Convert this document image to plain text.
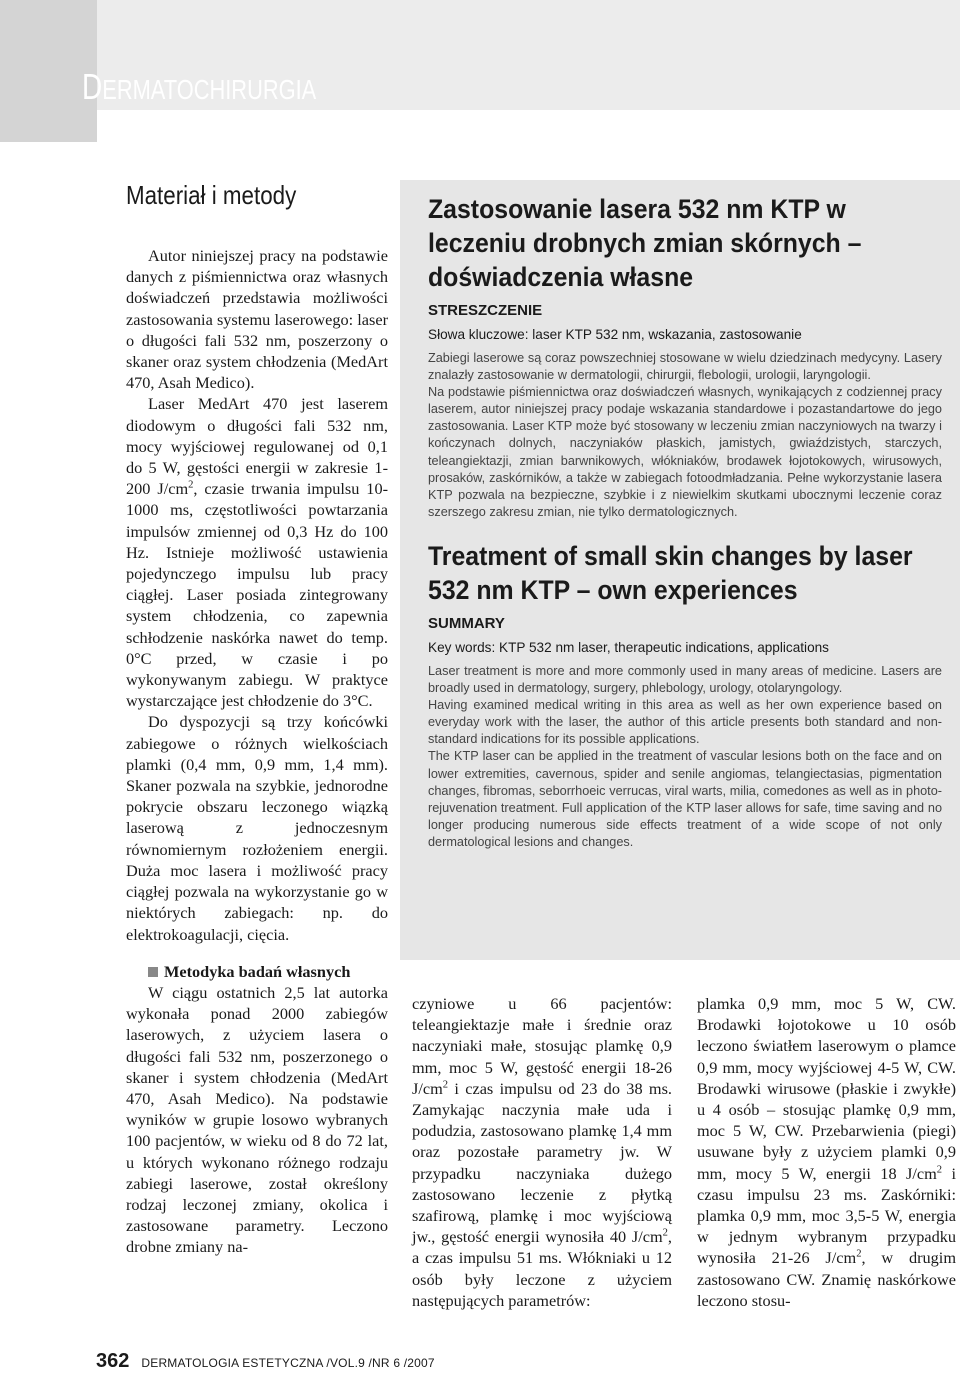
DERMATOCHIRURGIA
Materiał i metody

Autor niniejszej pracy na podstawie danych z piśmiennictwa oraz własnych doświadczeń przedstawia możliwości zastosowania systemu laserowego: laser o długości fali 532 nm, poszerzony o skaner oraz system chłodzenia (MedArt 470, Asah Medico).

Laser MedArt 470 jest laserem diodowym o długości fali 532 nm, mocy wyjściowej regulowanej od 0,1 do 5 W, gęstości energii w zakresie 1-200 $J/cm^2$, czasie trwania impulsu 10-1000 ms, częstotliwości powtarzania impulsów zmiennej od 0,3 Hz do 100 Hz. Istnieje możliwość ustawienia pojedynczego impulsu lub pracy ciągłej. Laser posiada zintegrowany system chłodzenia, co zapewnia schłodzenie naskórka nawet do temp. 0°C przed, w czasie i po wykonywanym zabiegu. W praktyce wystarczające jest chłodzenie do 3°C.

Do dyspozycji są trzy końcówki zabiegowe o różnych wielkościach plamki (0,4 mm, 0,9 mm, 1,4 mm). Skaner pozwala na szybkie, jednorodne pokrycie obszaru leczonego wiązką laserową z jednoczesnym równomiernym rozłożeniem energii. Duża moc lasera i możliwość pracy ciągłej pozwala na wykorzystanie go w niektórych zabiegach: np. do elektrokoagulacji, cięcia.

Metodyka badań własnych

W ciągu ostatnich 2,5 lat autorka wykonała ponad 2000 zabiegów laserowych, z użyciem lasera o długości fali 532 nm, poszerzonego o skaner i system chłodzenia (MedArt 470, Asah Medico). Na podstawie wyników w grupie losowo wybranych 100 pacjentów, w wieku od 8 do 72 lat, u których wykonano różnego rodzaju zabiegi laserowe, został określony rodzaj leczonej zmiany, okolica i zastosowane parametry. Leczono drobne zmiany na-

Zastosowanie lasera 532 nm KTP w leczeniu drobnych zmian skórnych – doświadczenia własne
STRESZCZENIE
Słowa kluczowe: laser KTP 532 nm, wskazania, zastosowanie

Zabiegi laserowe są coraz powszechniej stosowane w wielu dziedzinach medycyny. Lasery znalazły zastosowanie w dermatologii, chirurgii, flebologii, urologii, laryngologii.

Na podstawie piśmiennictwa oraz doświadczeń własnych, wynikających z codziennej pracy laserem, autor niniejszej pracy podaje wskazania standardowe i pozastandartowe do jego zastosowania. Laser KTP może być stosowany w leczeniu zmian naczyniowych na twarzy i kończynach dolnych, naczyniaków płaskich, jamistych, gwiaździstych, starczych, teleangiektazji, zmian barwnikowych, włókniaków, brodawek łojotokowych, wirusowych, prosaków, zaskórników, a także w zabiegach fotoodmładzania. Pełne wykorzystanie lasera KTP pozwala na bezpieczne, szybkie i z niewielkim skutkami ubocznymi leczenie coraz szerszego zakresu zmian, nie tylko dermatologicznych.

Treatment of small skin changes by laser 532 nm KTP – own experiences
SUMMARY
Key words: KTP 532 nm laser, therapeutic indications, applications

Laser treatment is more and more commonly used in many areas of medicine. Lasers are broadly used in dermatology, surgery, phlebology, urology, otolaryngology.

Having examined medical writing in this area as well as her own experience based on everyday work with the laser, the author of this article presents both standard and non-standard indications for its possible applications.

The KTP laser can be applied in the treatment of vascular lesions both on the face and on lower extremities, cavernous, spider and senile angiomas, telangiectasias, pigmentation changes, fibromas, seborrhoeic verrucas, viral warts, milia, comedones as well as in photo-rejuvenation treatment. Full application of the KTP laser allows for safe, time saving and no longer producing numerous side effects treatment of a wide scope of not only dermatological lesions and changes.

czyniowe u 66 pacjentów: teleangiektazje małe i średnie oraz naczyniaki małe, stosując plamkę 0,9 mm, moc 5 W, gęstość energii 18-26 $J/cm^2$ i czas impulsu od 23 do 38 ms. Zamykając naczynia małe uda i podudzia, zastosowano plamkę 1,4 mm oraz pozostałe parametry jw. W przypadku naczyniaka dużego zastosowano leczenie z płytką szafirową, plamkę i moc wyjściową jw., gęstość energii wynosiła 40 $J/cm^2$, a czas impulsu 51 ms. Włókniaki u 12 osób były leczone z użyciem następujących parametrów:

plamka 0,9 mm, moc 5 W, CW. Brodawki łojotokowe u 10 osób leczono światłem laserowym o plamce 0,9 mm, mocy wyjściowej 4-5 W, CW. Brodawki wirusowe (płaskie i zwykłe) u 4 osób – stosując plamkę 0,9 mm, moc 5 W, CW. Przebarwienia (piegi) usuwane były z użyciem plamki 0,9 mm, mocy 5 W, energii 18 $J/cm^2$ i czasu impulsu 23 ms. Zaskórniki: plamka 0,9 mm, moc 3,5-5 W, energia w jednym wybranym przypadku wynosiła 21-26 $J/cm^2$, w drugim zastosowano CW. Znamię naskórkowe leczono stosu-

362 DERMATOLOGIA ESTETYCZNA /VOL.9 /NR 6 /2007
